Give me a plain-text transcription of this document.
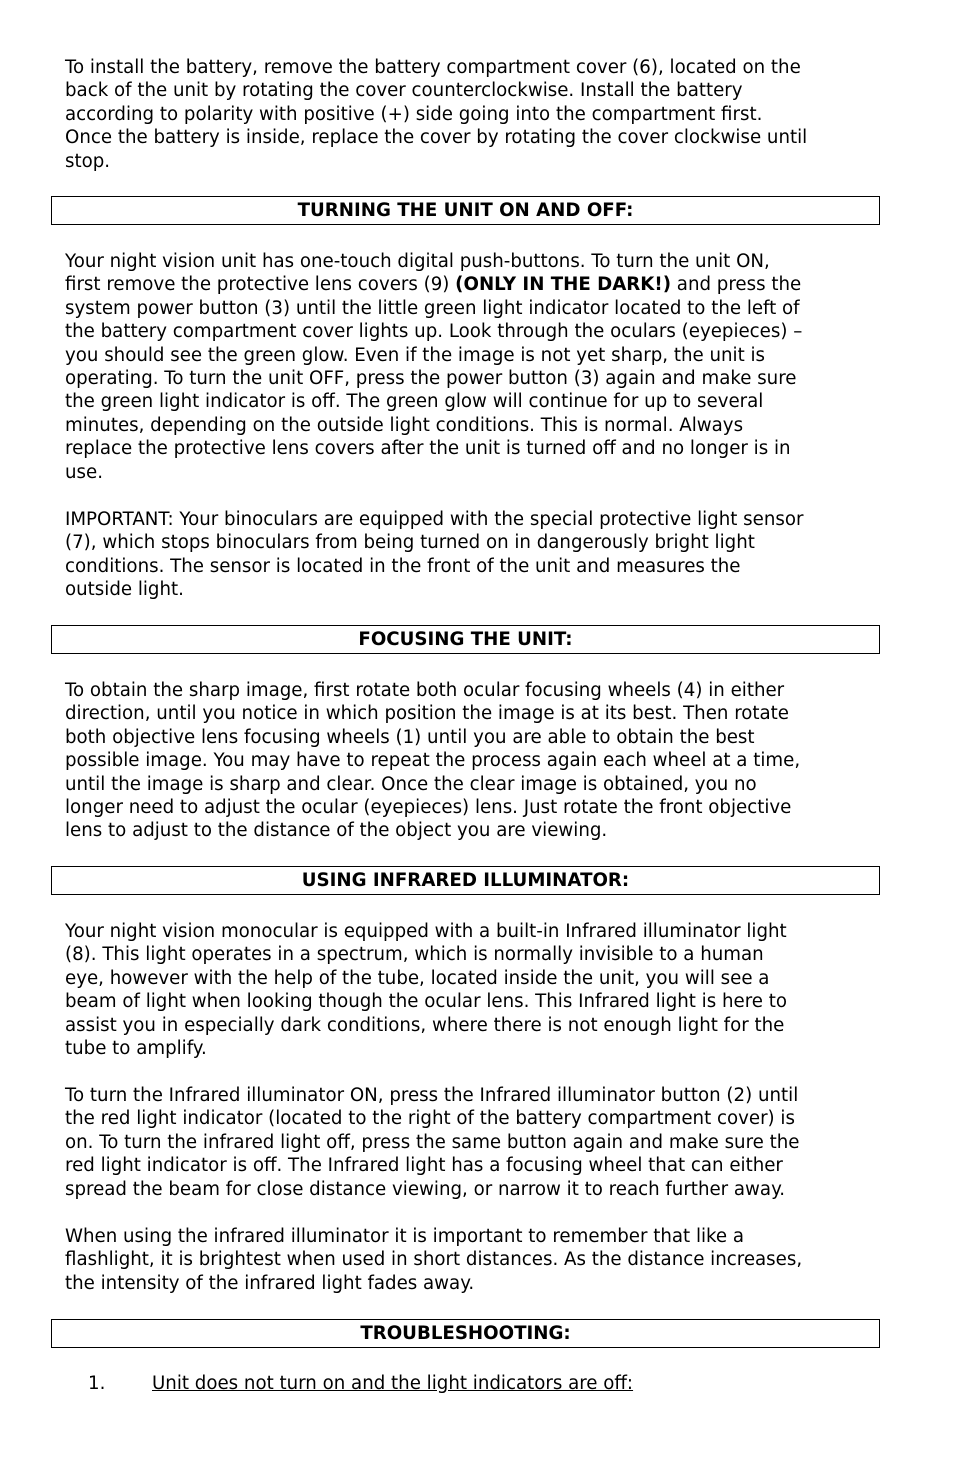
To install the battery, remove the battery compartment cover (6), located on the
back of the unit by rotating the cover counterclockwise. Install the battery
according to polarity with positive (+) side going into the compartment first.
Once the battery is inside, replace the cover by rotating the cover clockwise until
stop.

TURNING THE UNIT ON AND OFF:

Your night vision unit has one-touch digital push-buttons. To turn the unit ON,
first remove the protective lens covers (9) (ONLY IN THE DARK!) and press the
system power button (3) until the little green light indicator located to the left of
the battery compartment cover lights up. Look through the oculars (eyepieces) –
you should see the green glow. Even if the image is not yet sharp, the unit is
operating. To turn the unit OFF, press the power button (3) again and make sure
the green light indicator is off. The green glow will continue for up to several
minutes, depending on the outside light conditions. This is normal. Always
replace the protective lens covers after the unit is turned off and no longer is in
use.

IMPORTANT: Your binoculars are equipped with the special protective light sensor
(7), which stops binoculars from being turned on in dangerously bright light
conditions. The sensor is located in the front of the unit and measures the
outside light.

FOCUSING THE UNIT:

To obtain the sharp image, first rotate both ocular focusing wheels (4) in either
direction, until you notice in which position the image is at its best. Then rotate
both objective lens focusing wheels (1) until you are able to obtain the best
possible image. You may have to repeat the process again each wheel at a time,
until the image is sharp and clear. Once the clear image is obtained, you no
longer need to adjust the ocular (eyepieces) lens. Just rotate the front objective
lens to adjust to the distance of the object you are viewing.

USING INFRARED ILLUMINATOR:

Your night vision monocular is equipped with a built-in Infrared illuminator light
(8). This light operates in a spectrum, which is normally invisible to a human
eye, however with the help of the tube, located inside the unit, you will see a
beam of light when looking though the ocular lens. This Infrared light is here to
assist you in especially dark conditions, where there is not enough light for the
tube to amplify.

To turn the Infrared illuminator ON, press the Infrared illuminator button (2) until
the red light indicator (located to the right of the battery compartment cover) is
on. To turn the infrared light off, press the same button again and make sure the
red light indicator is off. The Infrared light has a focusing wheel that can either
spread the beam for close distance viewing, or narrow it to reach further away.

When using the infrared illuminator it is important to remember that like a
flashlight, it is brightest when used in short distances. As the distance increases,
the intensity of the infrared light fades away.

TROUBLESHOOTING:
1.	Unit does not turn on and the light indicators are off:
